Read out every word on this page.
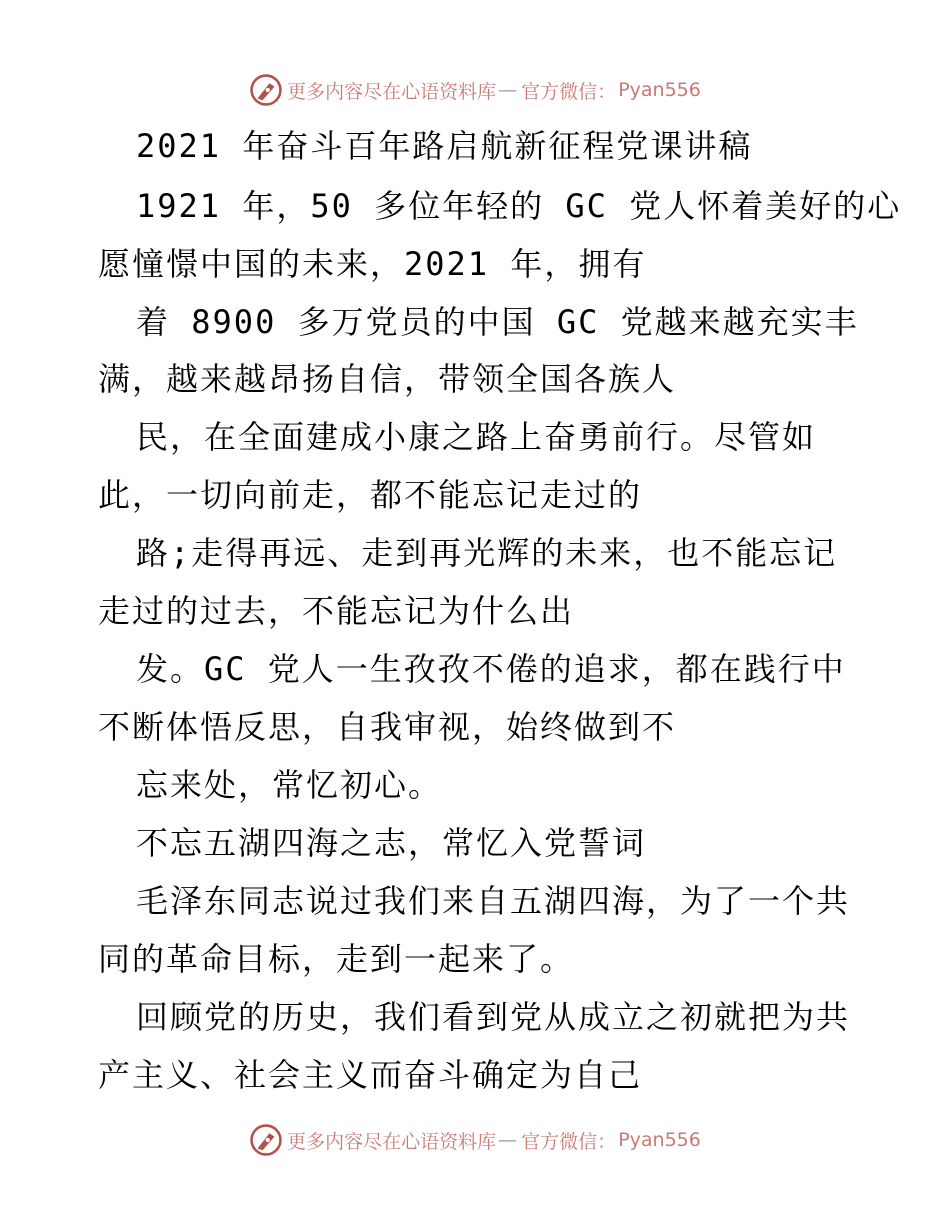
更多内容尽在心语资料库 — 官方微信： Pyan556
2021 年奋斗百年路启航新征程党课讲稿
1921 年，50 多位年轻的 GC 党人怀着美好的心
愿憧憬中国的未来，2021 年，拥有
着 8900 多万党员的中国 GC 党越来越充实丰
满，越来越昂扬自信，带领全国各族人
民，在全面建成小康之路上奋勇前行。尽管如
此，一切向前走，都不能忘记走过的
路;走得再远、走到再光辉的未来，也不能忘记
走过的过去，不能忘记为什么出
发。GC 党人一生孜孜不倦的追求，都在践行中
不断体悟反思，自我审视，始终做到不
忘来处，常忆初心。
不忘五湖四海之志，常忆入党誓词
毛泽东同志说过我们来自五湖四海，为了一个共
同的革命目标，走到一起来了。
回顾党的历史，我们看到党从成立之初就把为共
产主义、社会主义而奋斗确定为自己
更多内容尽在心语资料库 — 官方微信： Pyan556
